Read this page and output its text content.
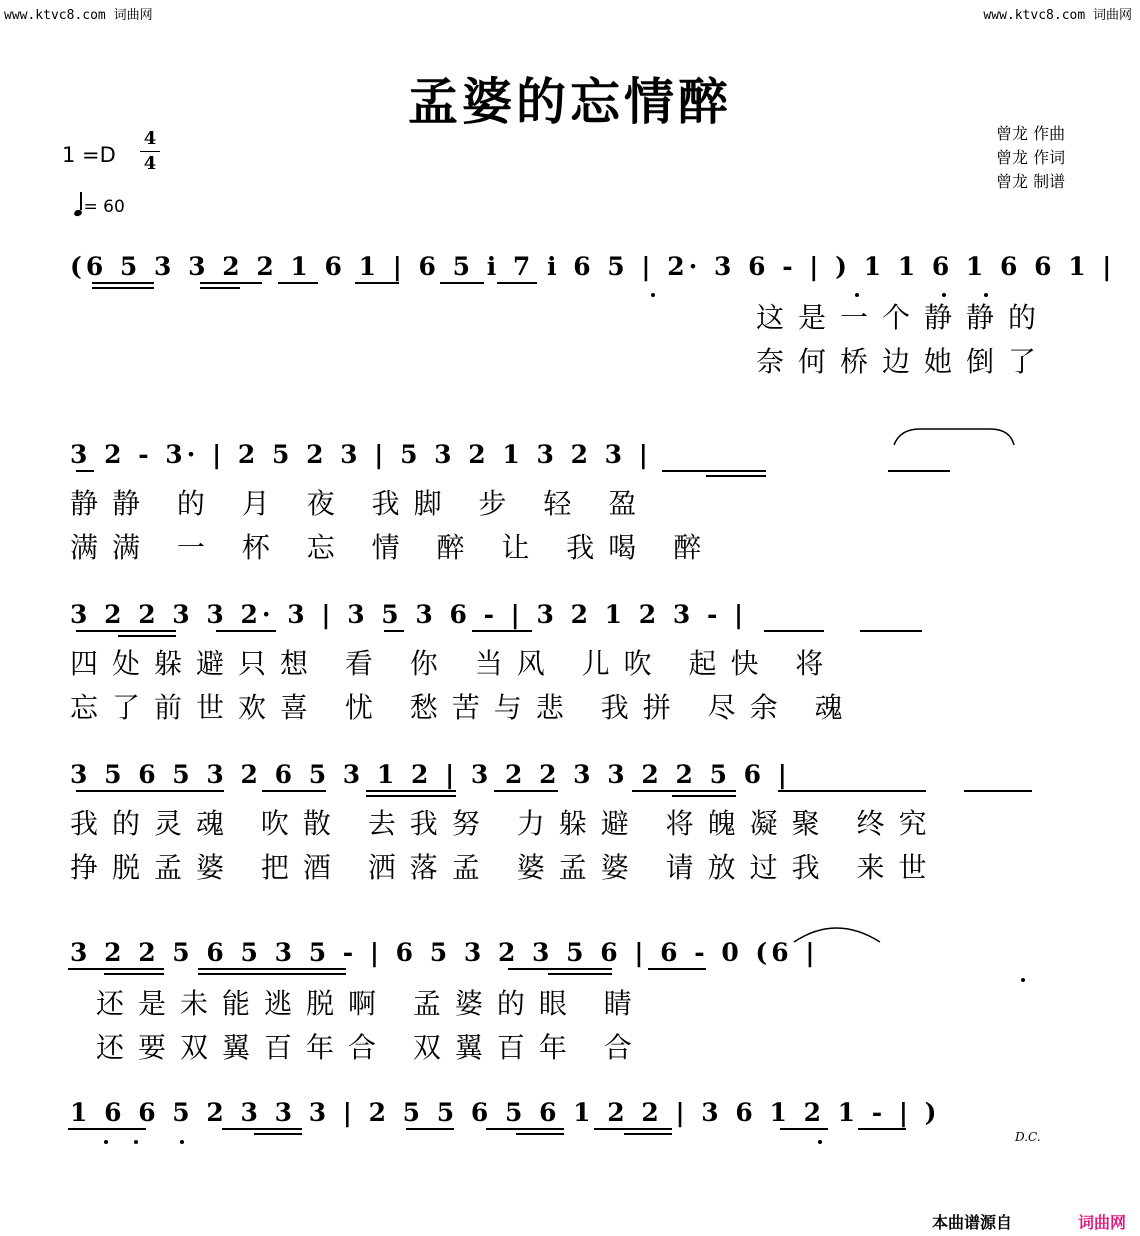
www.ktvc8.com 词曲网	www.ktvc8.com 词曲网
孟婆的忘情醉
曾龙 作曲
曾龙 作词
曾龙 制谱
1 =D
4
4
= 60
(6 5 3 3 2 2 1 6 1 | 6 5 i 7 i 6 5 | 2· 3 6 - | ) 1 1 6 1 6 6 1 |
这是一个静静的
奈何桥边她倒了
3 2 - 3· | 2 5 2 3 | 5 3 2 1 3 2 3 |
静静 的 月 夜 我脚 步 轻 盈
满满 一 杯 忘 情 醉 让 我喝 醉
3 2 2 3 3 2· 3 | 3 5 3 6 - | 3 2 1 2 3 - |
四处躲避只想 看 你 当风 儿吹 起快 将
忘了前世欢喜 忧 愁苦与悲 我拼 尽余 魂
3 5 6 5 3 2 6 5 3 1 2 | 3 2 2 3 3 2 2 5 6 |
我的灵魂 吹散 去我努 力躲避 将魄凝聚 终究
挣脱孟婆 把酒 洒落孟 婆孟婆 请放过我 来世
3 2 2 5 6 5 3 5 - | 6 5 3 2 3 5 6 | 6 - 0 (6 |
还是未能逃脱啊 孟婆的眼 睛
还要双翼百年合 双翼百年 合
1 6 6 5 2 3 3 3 | 2 5 5 6 5 6 1 2 2 | 3 6 1 2 1 - | )
D.C.
本曲谱源自	词曲网
